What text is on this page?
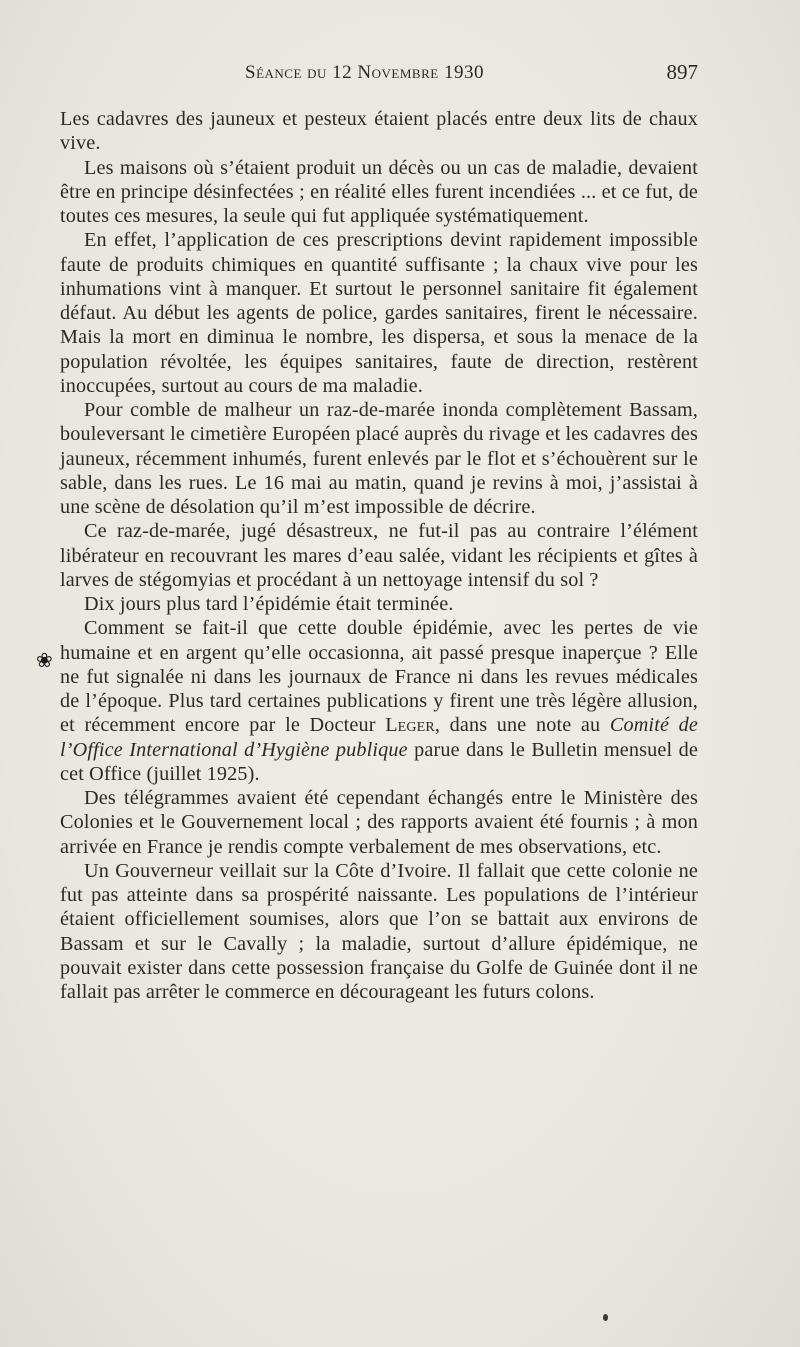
Séance du 12 Novembre 1930	897

Les cadavres des jauneux et pesteux étaient placés entre deux lits de chaux vive.

Les maisons où s’étaient produit un décès ou un cas de maladie, devaient être en principe désinfectées ; en réalité elles furent incendiées ... et ce fut, de toutes ces mesures, la seule qui fut appliquée systématiquement.

En effet, l’application de ces prescriptions devint rapidement impossible faute de produits chimiques en quantité suffisante ; la chaux vive pour les inhumations vint à manquer. Et surtout le personnel sanitaire fit également défaut. Au début les agents de police, gardes sanitaires, firent le nécessaire. Mais la mort en diminua le nombre, les dispersa, et sous la menace de la population révoltée, les équipes sanitaires, faute de direction, restèrent inoccupées, surtout au cours de ma maladie.

Pour comble de malheur un raz-de-marée inonda complètement Bassam, bouleversant le cimetière Européen placé auprès du rivage et les cadavres des jauneux, récemment inhumés, furent enlevés par le flot et s’échouèrent sur le sable, dans les rues. Le 16 mai au matin, quand je revins à moi, j’assistai à une scène de désolation qu’il m’est impossible de décrire.

Ce raz-de-marée, jugé désastreux, ne fut-il pas au contraire l’élément libérateur en recouvrant les mares d’eau salée, vidant les récipients et gîtes à larves de stégomyias et procédant à un nettoyage intensif du sol ?

Dix jours plus tard l’épidémie était terminée.

Comment se fait-il que cette double épidémie, avec les pertes de vie humaine et en argent qu’elle occasionna, ait passé presque inaperçue ? Elle ne fut signalée ni dans les journaux de France ni dans les revues médicales de l’époque. Plus tard certaines publications y firent une très légère allusion, et récemment encore par le Docteur Leger, dans une note au Comité de l’Office International d’Hygiène publique parue dans le Bulletin mensuel de cet Office (juillet 1925).

Des télégrammes avaient été cependant échangés entre le Ministère des Colonies et le Gouvernement local ; des rapports avaient été fournis ; à mon arrivée en France je rendis compte verbalement de mes observations, etc.

Un Gouverneur veillait sur la Côte d’Ivoire. Il fallait que cette colonie ne fut pas atteinte dans sa prospérité naissante. Les populations de l’intérieur étaient officiellement soumises, alors que l’on se battait aux environs de Bassam et sur le Cavally ; la maladie, surtout d’allure épidémique, ne pouvait exister dans cette possession française du Golfe de Guinée dont il ne fallait pas arrêter le commerce en décourageant les futurs colons.

❀
